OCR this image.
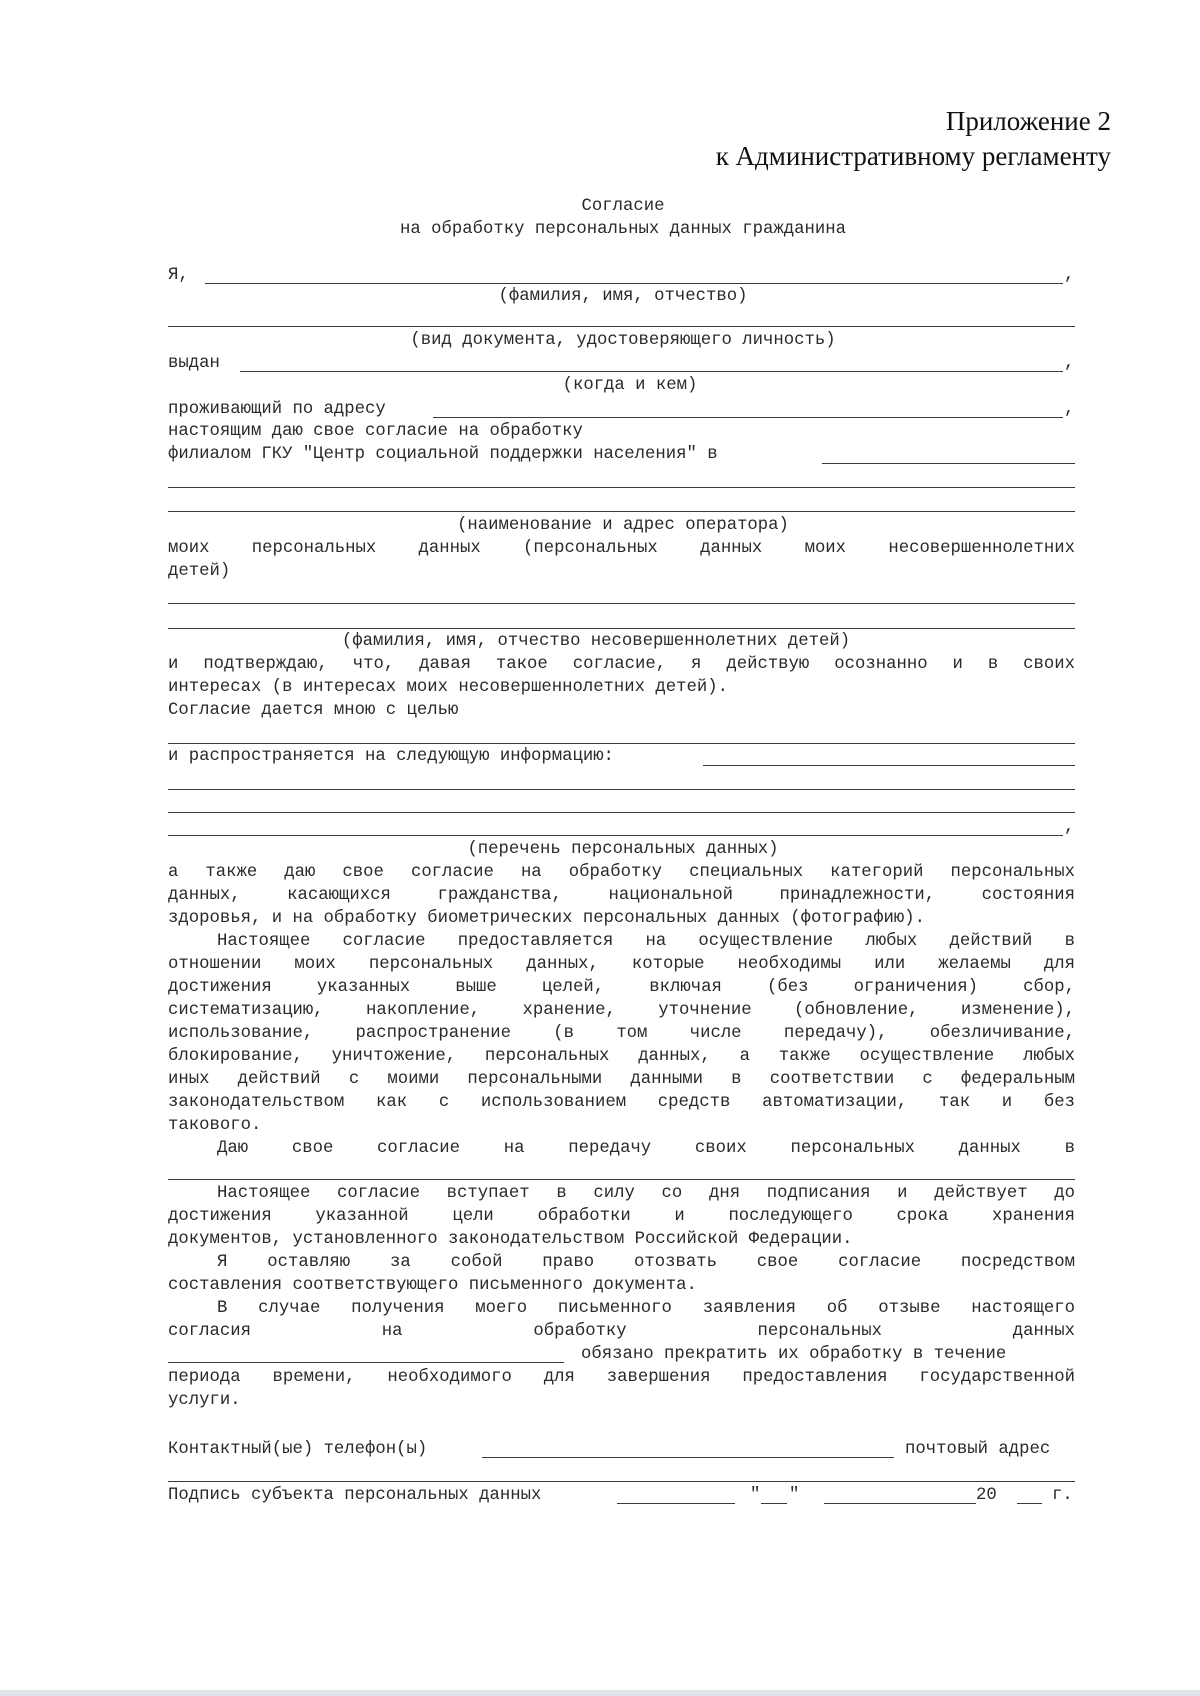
Приложение 2
к Административному регламенту
Согласие
на обработку персональных данных гражданина
Я,	,
(фамилия, имя, отчество)
(вид документа, удостоверяющего личность)
выдан	,
(когда и кем)
проживающий по адресу	,
настоящим даю свое согласие на обработку
филиалом ГКУ "Центр социальной поддержки населения" в
(наименование и адрес оператора)
моих персональных данных (персональных данных моих несовершеннолетних
детей)
(фамилия, имя, отчество несовершеннолетних детей)
и подтверждаю, что, давая такое согласие, я действую осознанно и в своих
интересах (в интересах моих несовершеннолетних детей).
Согласие дается мною с целью
и распространяется на следующую информацию:
,
(перечень персональных данных)
а также даю свое согласие на обработку специальных категорий персональных
данных, касающихся гражданства, национальной принадлежности, состояния
здоровья, и на обработку биометрических персональных данных (фотографию).
Настоящее согласие предоставляется на осуществление любых действий в
отношении моих персональных данных, которые необходимы или желаемы для
достижения указанных выше целей, включая (без ограничения) сбор,
систематизацию, накопление, хранение, уточнение (обновление, изменение),
использование, распространение (в том числе передачу), обезличивание,
блокирование, уничтожение, персональных данных, а также осуществление любых
иных действий с моими персональными данными в соответствии с федеральным
законодательством как с использованием средств автоматизации, так и без
такового.
Даю свое согласие на передачу своих персональных данных в
Настоящее согласие вступает в силу со дня подписания и действует до
достижения указанной цели обработки и последующего срока хранения
документов, установленного законодательством Российской Федерации.
Я оставляю за собой право отозвать свое согласие посредством
составления соответствующего письменного документа.
В случае получения моего письменного заявления об отзыве настоящего
согласия на обработку персональных данных
обязано прекратить их обработку в течение
периода времени, необходимого для завершения предоставления государственной
услуги.
Контактный(ые) телефон(ы)	почтовый адрес
Подпись субъекта персональных данных	" "	20	г.
